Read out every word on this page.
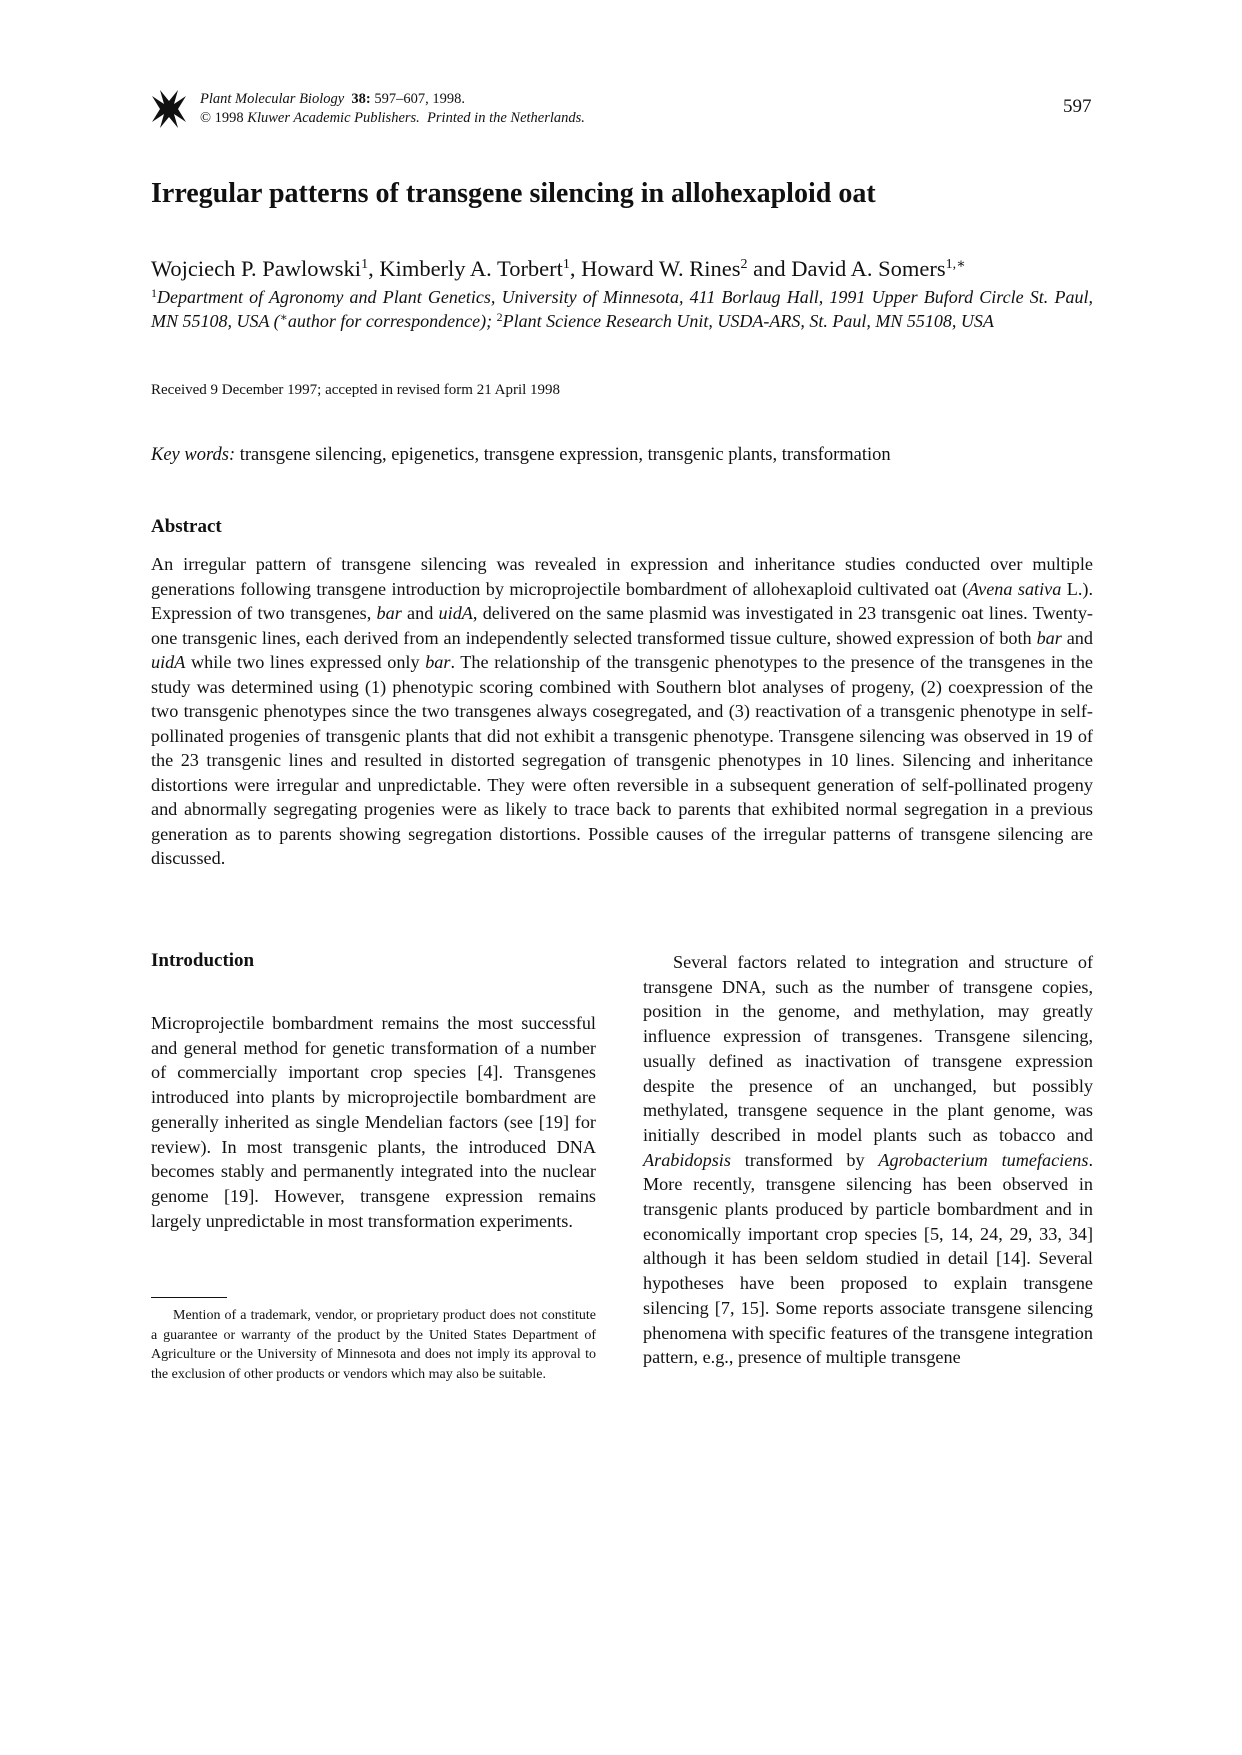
Plant Molecular Biology 38: 597–607, 1998.
© 1998 Kluwer Academic Publishers. Printed in the Netherlands.
597
Irregular patterns of transgene silencing in allohexaploid oat
Wojciech P. Pawlowski$^1$, Kimberly A. Torbert$^1$, Howard W. Rines$^2$ and David A. Somers$^{1,∗}$
$^1$Department of Agronomy and Plant Genetics, University of Minnesota, 411 Borlaug Hall, 1991 Upper Buford Circle St. Paul, MN 55108, USA (∗author for correspondence); $^2$Plant Science Research Unit, USDA-ARS, St. Paul, MN 55108, USA
Received 9 December 1997; accepted in revised form 21 April 1998
Key words: transgene silencing, epigenetics, transgene expression, transgenic plants, transformation
Abstract

An irregular pattern of transgene silencing was revealed in expression and inheritance studies conducted over multiple generations following transgene introduction by microprojectile bombardment of allohexaploid cultivated oat (Avena sativa L.). Expression of two transgenes, bar and uidA, delivered on the same plasmid was investigated in 23 transgenic oat lines. Twenty-one transgenic lines, each derived from an independently selected transformed tissue culture, showed expression of both bar and uidA while two lines expressed only bar. The relationship of the transgenic phenotypes to the presence of the transgenes in the study was determined using (1) phenotypic scoring combined with Southern blot analyses of progeny, (2) coexpression of the two transgenic phenotypes since the two transgenes always cosegregated, and (3) reactivation of a transgenic phenotype in self-pollinated progenies of transgenic plants that did not exhibit a transgenic phenotype. Transgene silencing was observed in 19 of the 23 transgenic lines and resulted in distorted segregation of transgenic phenotypes in 10 lines. Silencing and inheritance distortions were irregular and unpredictable. They were often reversible in a subsequent generation of self-pollinated progeny and abnormally segregating progenies were as likely to trace back to parents that exhibited normal segregation in a previous generation as to parents showing segregation distortions. Possible causes of the irregular patterns of transgene silencing are discussed.

Introduction

Microprojectile bombardment remains the most successful and general method for genetic transformation of a number of commercially important crop species [4]. Transgenes introduced into plants by microprojectile bombardment are generally inherited as single Mendelian factors (see [19] for review). In most transgenic plants, the introduced DNA becomes stably and permanently integrated into the nuclear genome [19]. However, transgene expression remains largely unpredictable in most transformation experiments.

Several factors related to integration and structure of transgene DNA, such as the number of transgene copies, position in the genome, and methylation, may greatly influence expression of transgenes. Transgene silencing, usually defined as inactivation of transgene expression despite the presence of an unchanged, but possibly methylated, transgene sequence in the plant genome, was initially described in model plants such as tobacco and Arabidopsis transformed by Agrobacterium tumefaciens. More recently, transgene silencing has been observed in transgenic plants produced by particle bombardment and in economically important crop species [5, 14, 24, 29, 33, 34] although it has been seldom studied in detail [14]. Several hypotheses have been proposed to explain transgene silencing [7, 15]. Some reports associate transgene silencing phenomena with specific features of the transgene integration pattern, e.g., presence of multiple transgene

Mention of a trademark, vendor, or proprietary product does not constitute a guarantee or warranty of the product by the United States Department of Agriculture or the University of Minnesota and does not imply its approval to the exclusion of other products or vendors which may also be suitable.
